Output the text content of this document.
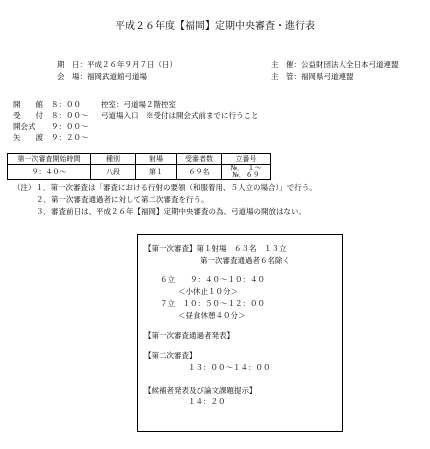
平成２６年度【福岡】定期中央審査・進行表
期　日：平成２６年９月７日（日）
会　場：福岡武道館弓道場
主　催：公益財団法人全日本弓道連盟
主　管：福岡県弓道連盟
開　　館 ８：００	控室：弓道場２階控室
受　　付 ８：００～ 弓道場入口　※受付は開会式前までに行うこと
開会式 ９：００～
矢　　渡 ９：２０～
第一次審査開始時間	種別	射場	受審者数	立番号
９：４０～	八段	第１	６９名	№．　１～№．６９
（注）１．第一次審査は「審査における行射の要領（和服着用、５人立の場合）」で行う。
２．第一次審査通過者に対して第二次審査を行う。
３．審査前日は、平成２６年【福岡】定期中央審査の為、弓道場の開放はない。
【第一次審査】第１射場　６３名　１３立
第一次審査通過者６名除く
６立　　９：４０～１０：４０
＜小休止１０分＞
７立　１０：５０～１２：００
＜昼食休憩４０分＞
【第一次審査通過者発表】
【第二次審査】
１３：００～１４：００
【候補者発表及び論文課題提示】
１４：２０
